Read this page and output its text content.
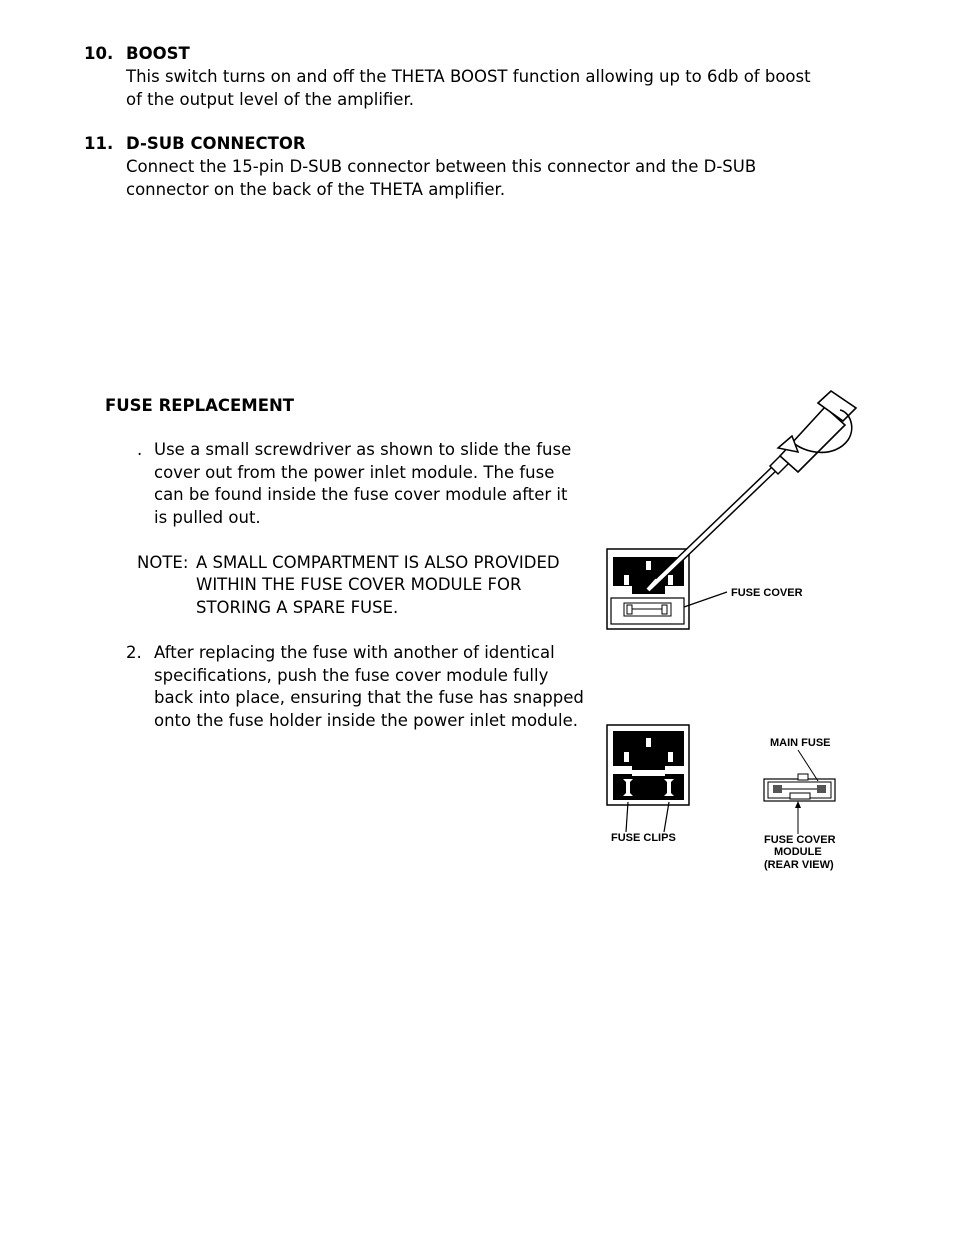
10. BOOST
This switch turns on and off the THETA BOOST function allowing up to 6db of boost
of the output level of the amplifier.
11. D-SUB CONNECTOR
Connect the 15-pin D-SUB connector between this connector and the D-SUB
connector on the back of the THETA amplifier.
FUSE REPLACEMENT
. Use a small screwdriver as shown to slide the fuse
cover out from the power inlet module. The fuse
can be found inside the fuse cover module after it
is pulled out.
NOTE: A SMALL COMPARTMENT IS ALSO PROVIDED
WITHIN THE FUSE COVER MODULE FOR
STORING A SPARE FUSE.
2. After replacing the fuse with another of identical
specifications, push the fuse cover module fully
back into place, ensuring that the fuse has snapped
onto the fuse holder inside the power inlet module.
FUSE COVER
FUSE CLIPS
MAIN FUSE
FUSE COVER
MODULE
(REAR VIEW)
